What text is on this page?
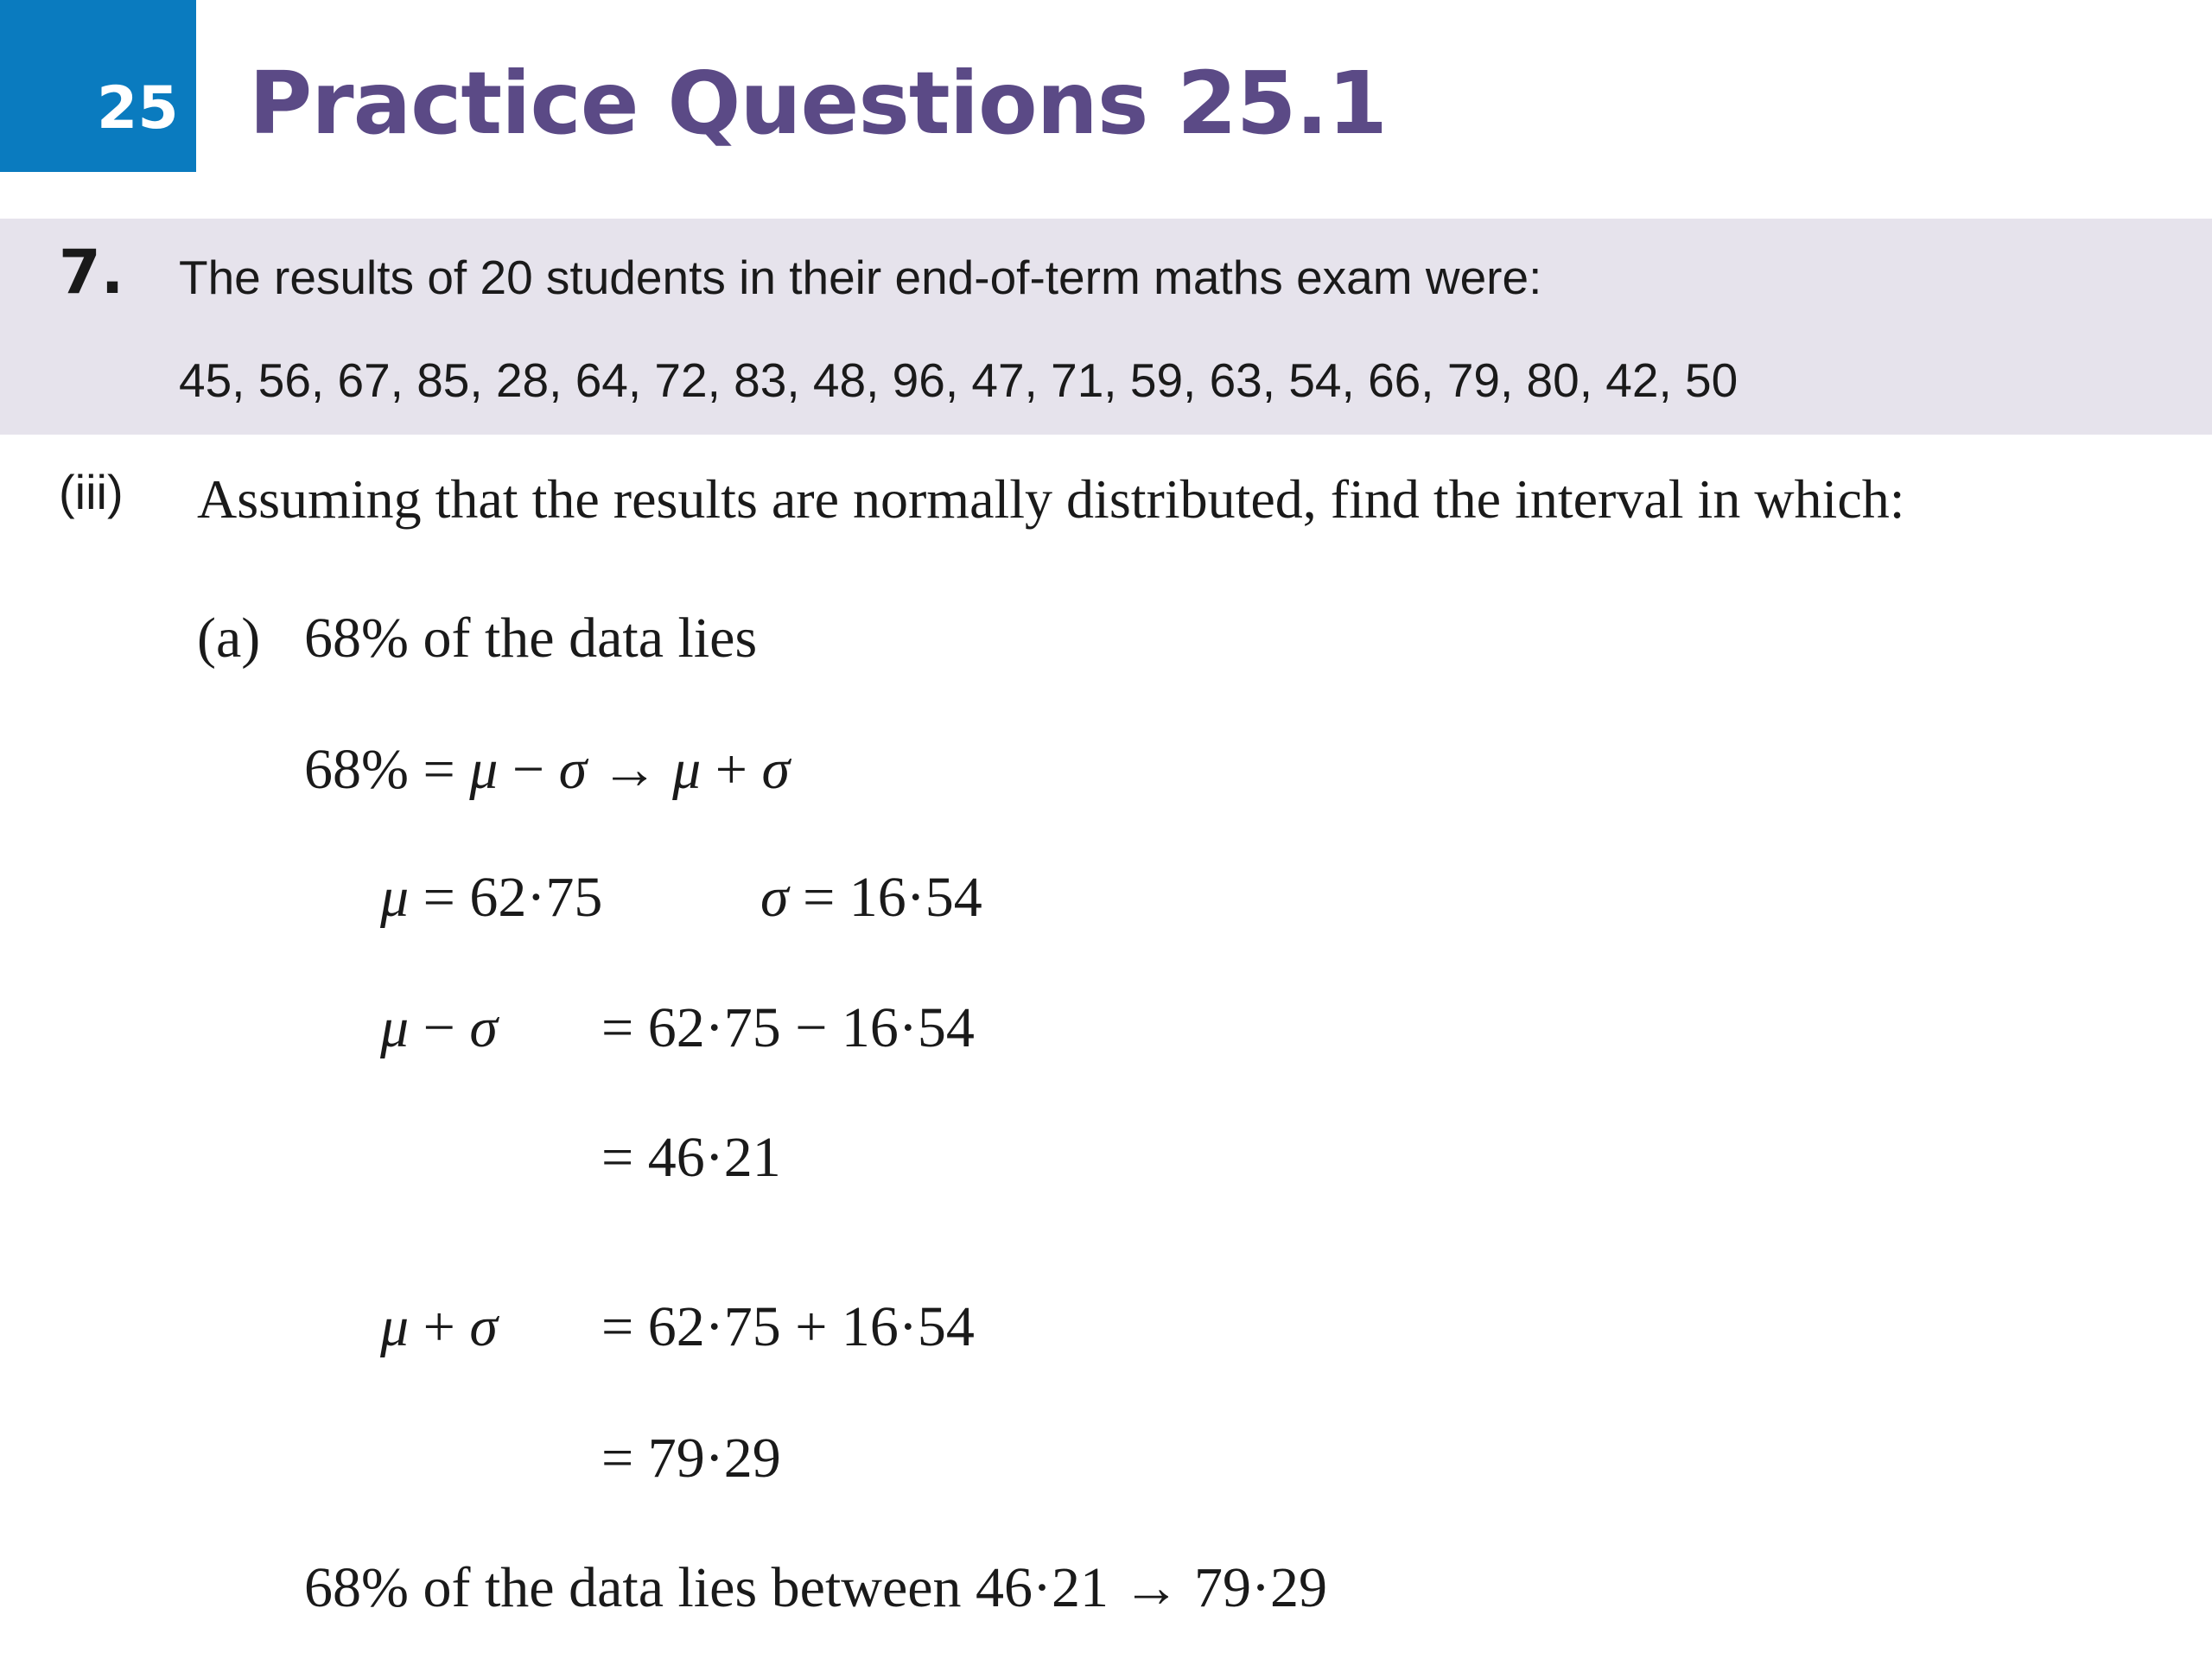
25 Practice Questions 25.1
7. The results of 20 students in their end-of-term maths exam were:
45, 56, 67, 85, 28, 64, 72, 83, 48, 96, 47, 71, 59, 63, 54, 66, 79, 80, 42, 50
(iii) Assuming that the results are normally distributed, find the interval in which:
(a) 68% of the data lies
68% = μ − σ → μ + σ
μ = 62·75	σ = 16·54
μ − σ = 62·75 − 16·54
= 46·21
μ + σ = 62·75 + 16·54
= 79·29
68% of the data lies between 46·21 → 79·29
